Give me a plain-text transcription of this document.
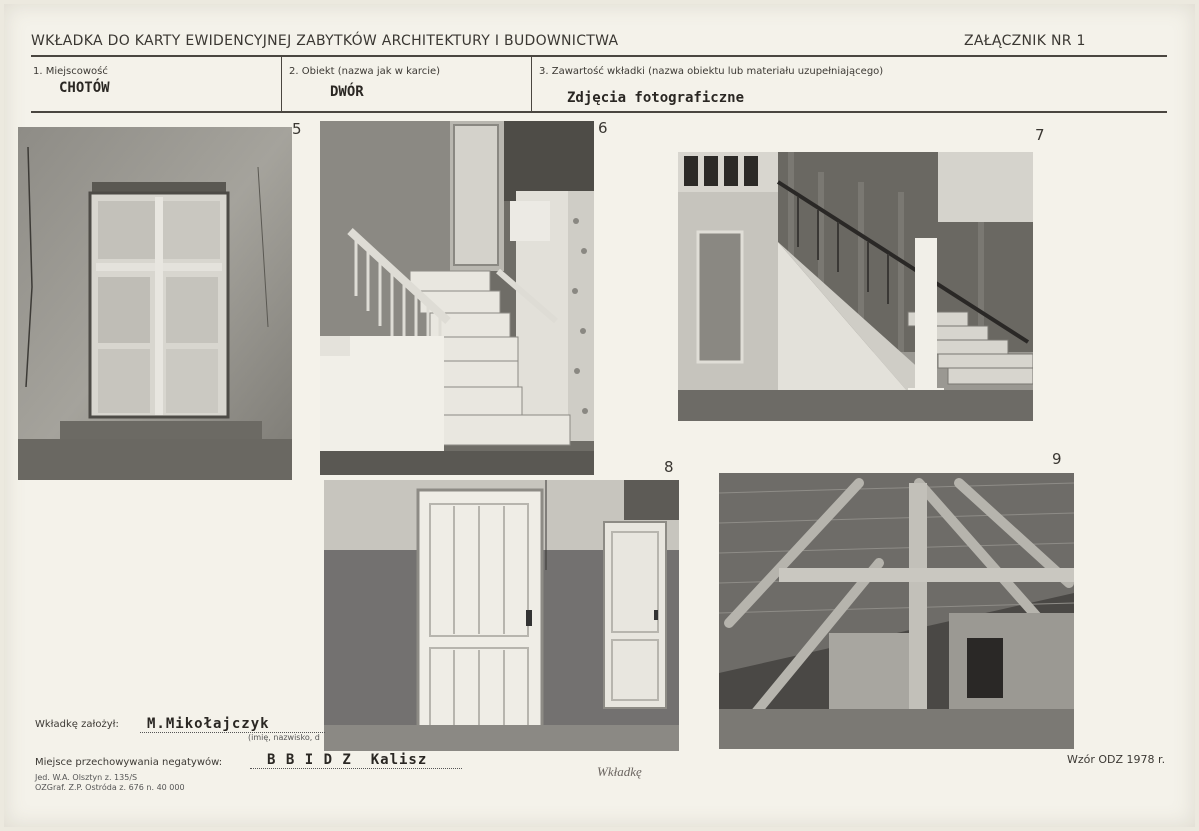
WKŁADKA DO KARTY EWIDENCYJNEJ ZABYTKÓW ARCHITEKTURY I BUDOWNICTWA	ZAŁĄCZNIK NR 1
1. Miejscowość
CHOTÓW
2. Obiekt (nazwa jak w karcie)
DWÓR
3. Zawartość wkładki (nazwa obiektu lub materiału uzupełniającego)
Zdjęcia fotograficzne
5	6	7
8	9
Wkładkę założył: M.Mikołajczyk
(imię, nazwisko, d
Miejsce przechowywania negatywów:	B B I D Z  Kalisz
Jed. W.A. Olsztyn z. 135/S
OZGraf. Z.P. Ostróda z. 676 n. 40 000
Wkładkę
Wzór ODZ 1978 r.
